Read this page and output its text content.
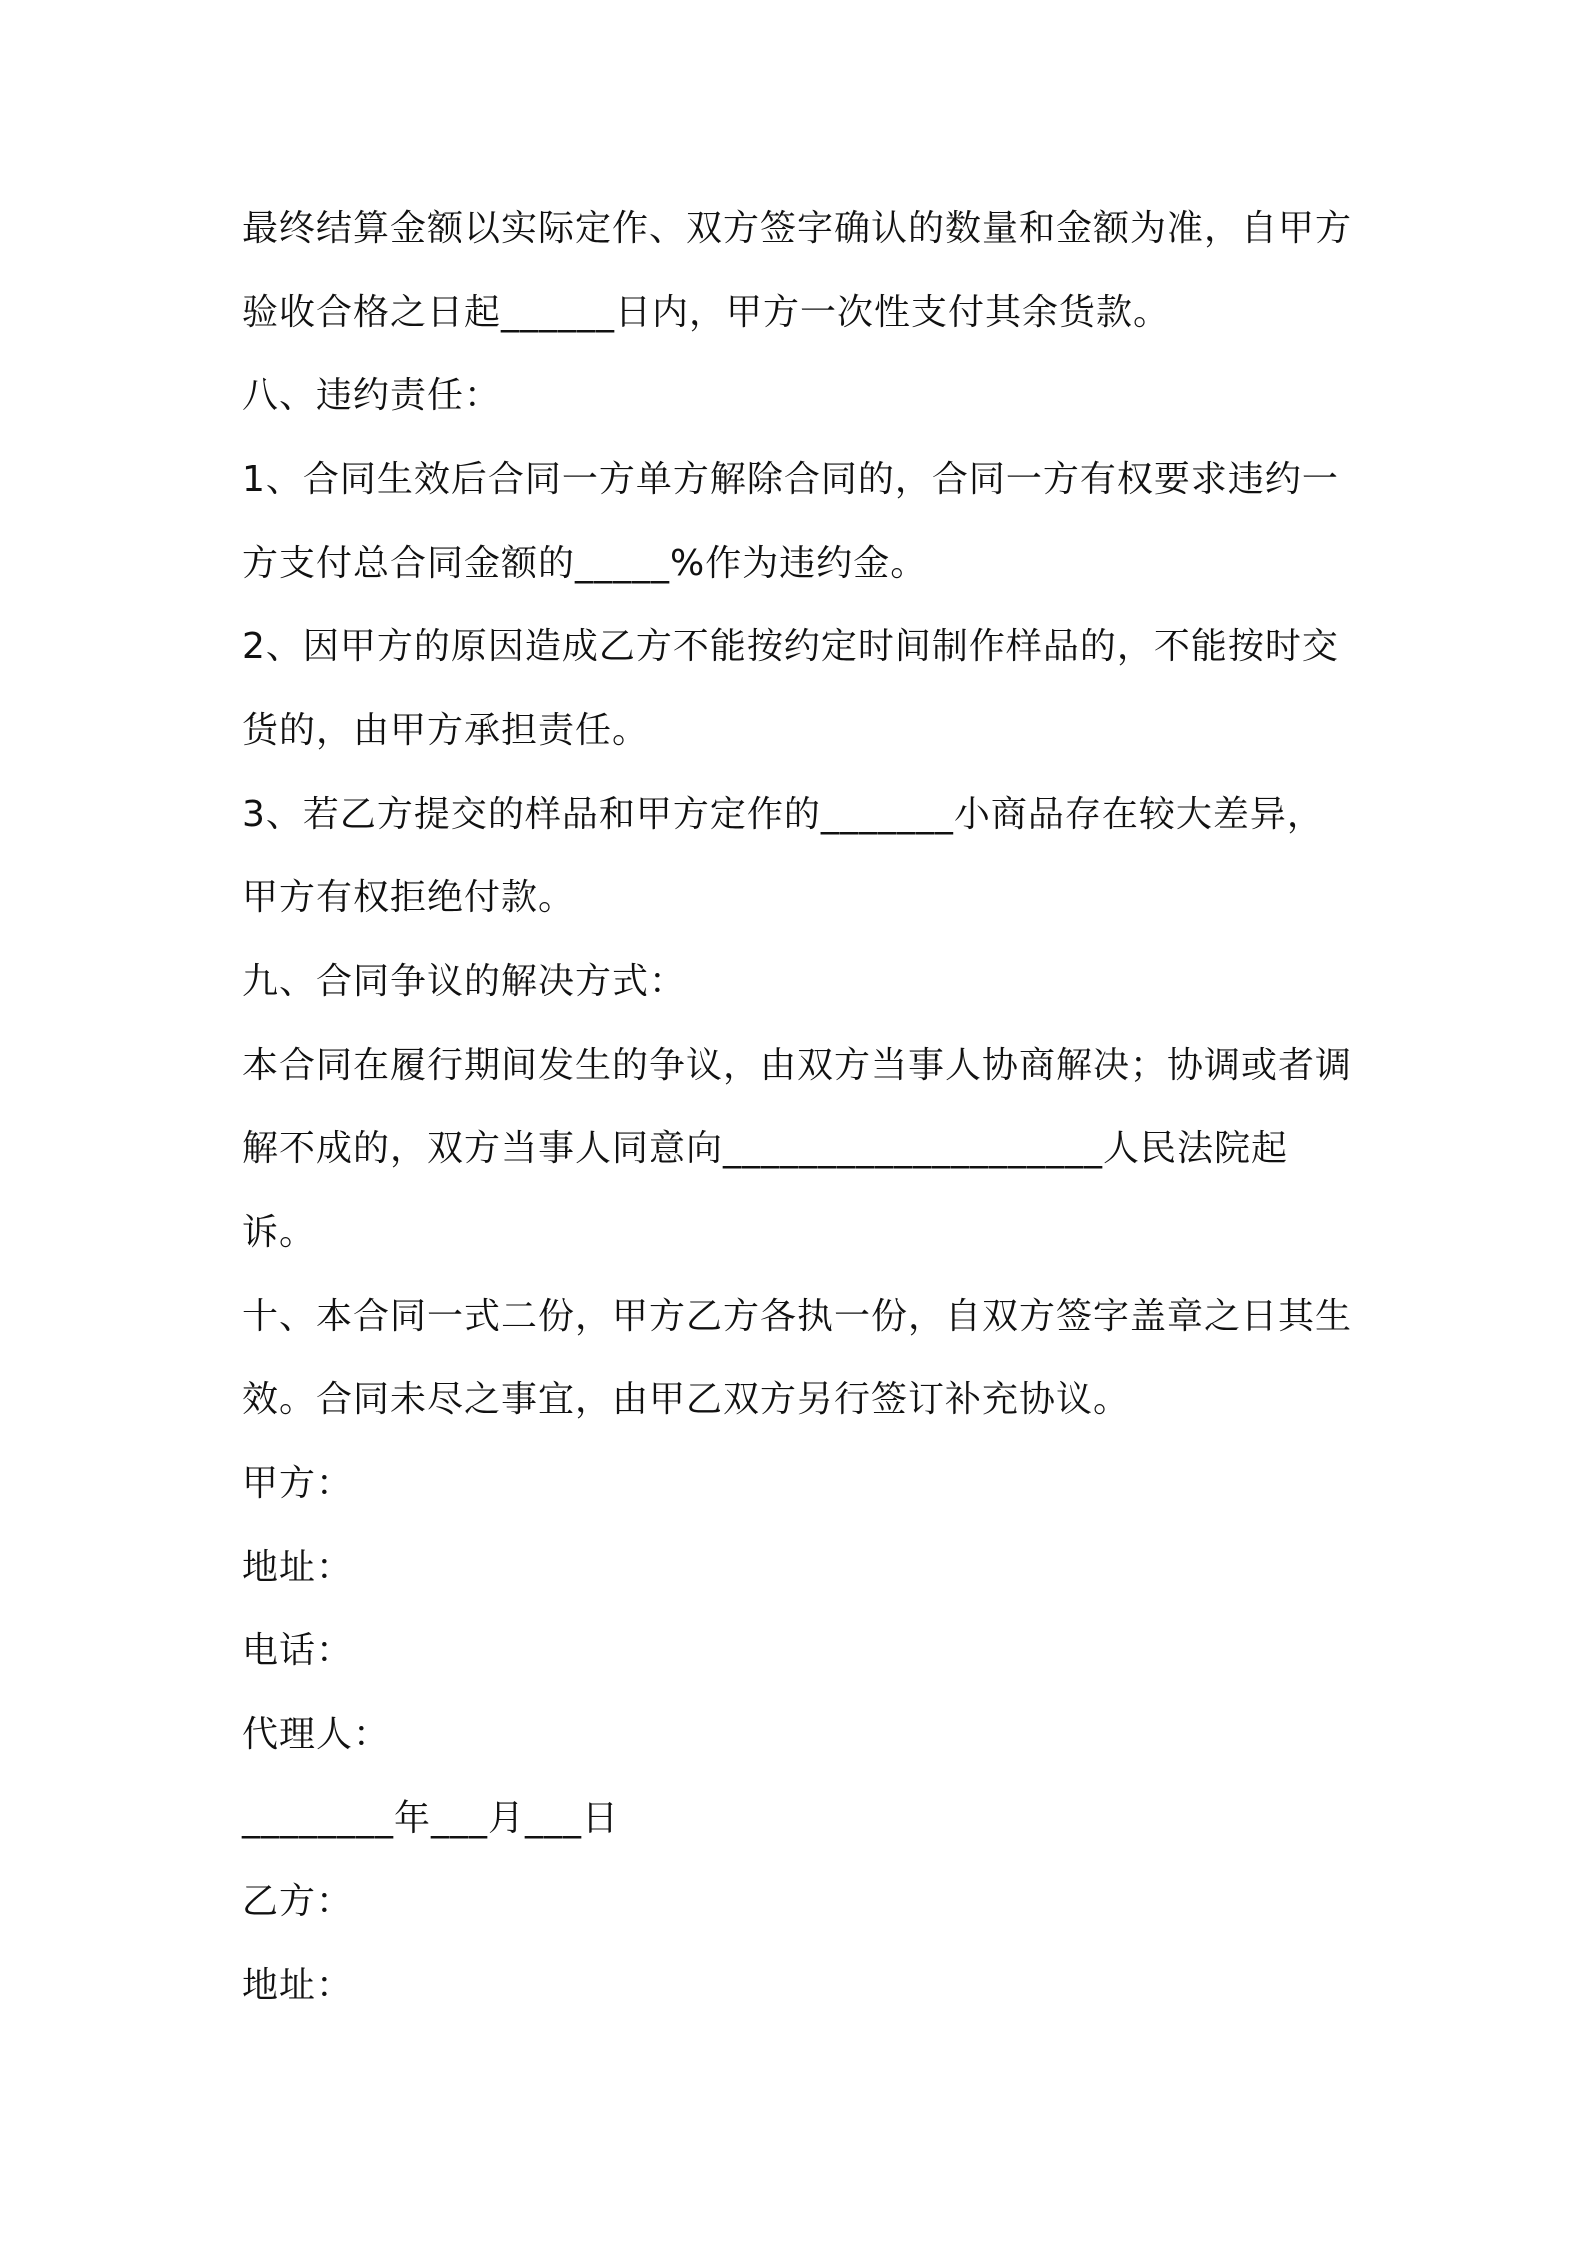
最终结算金额以实际定作、双方签字确认的数量和金额为准，自甲方
验收合格之日起______日内，甲方一次性支付其余货款。
八、违约责任：
1、合同生效后合同一方单方解除合同的，合同一方有权要求违约一
方支付总合同金额的_____%作为违约金。
2、因甲方的原因造成乙方不能按约定时间制作样品的，不能按时交
货的，由甲方承担责任。
3、若乙方提交的样品和甲方定作的_______小商品存在较大差异，
甲方有权拒绝付款。
九、合同争议的解决方式：
本合同在履行期间发生的争议，由双方当事人协商解决；协调或者调
解不成的，双方当事人同意向____________________人民法院起
诉。
十、本合同一式二份，甲方乙方各执一份，自双方签字盖章之日其生
效。合同未尽之事宜，由甲乙双方另行签订补充协议。
甲方：
地址：
电话：
代理人：
________年___月___日
乙方：
地址：
